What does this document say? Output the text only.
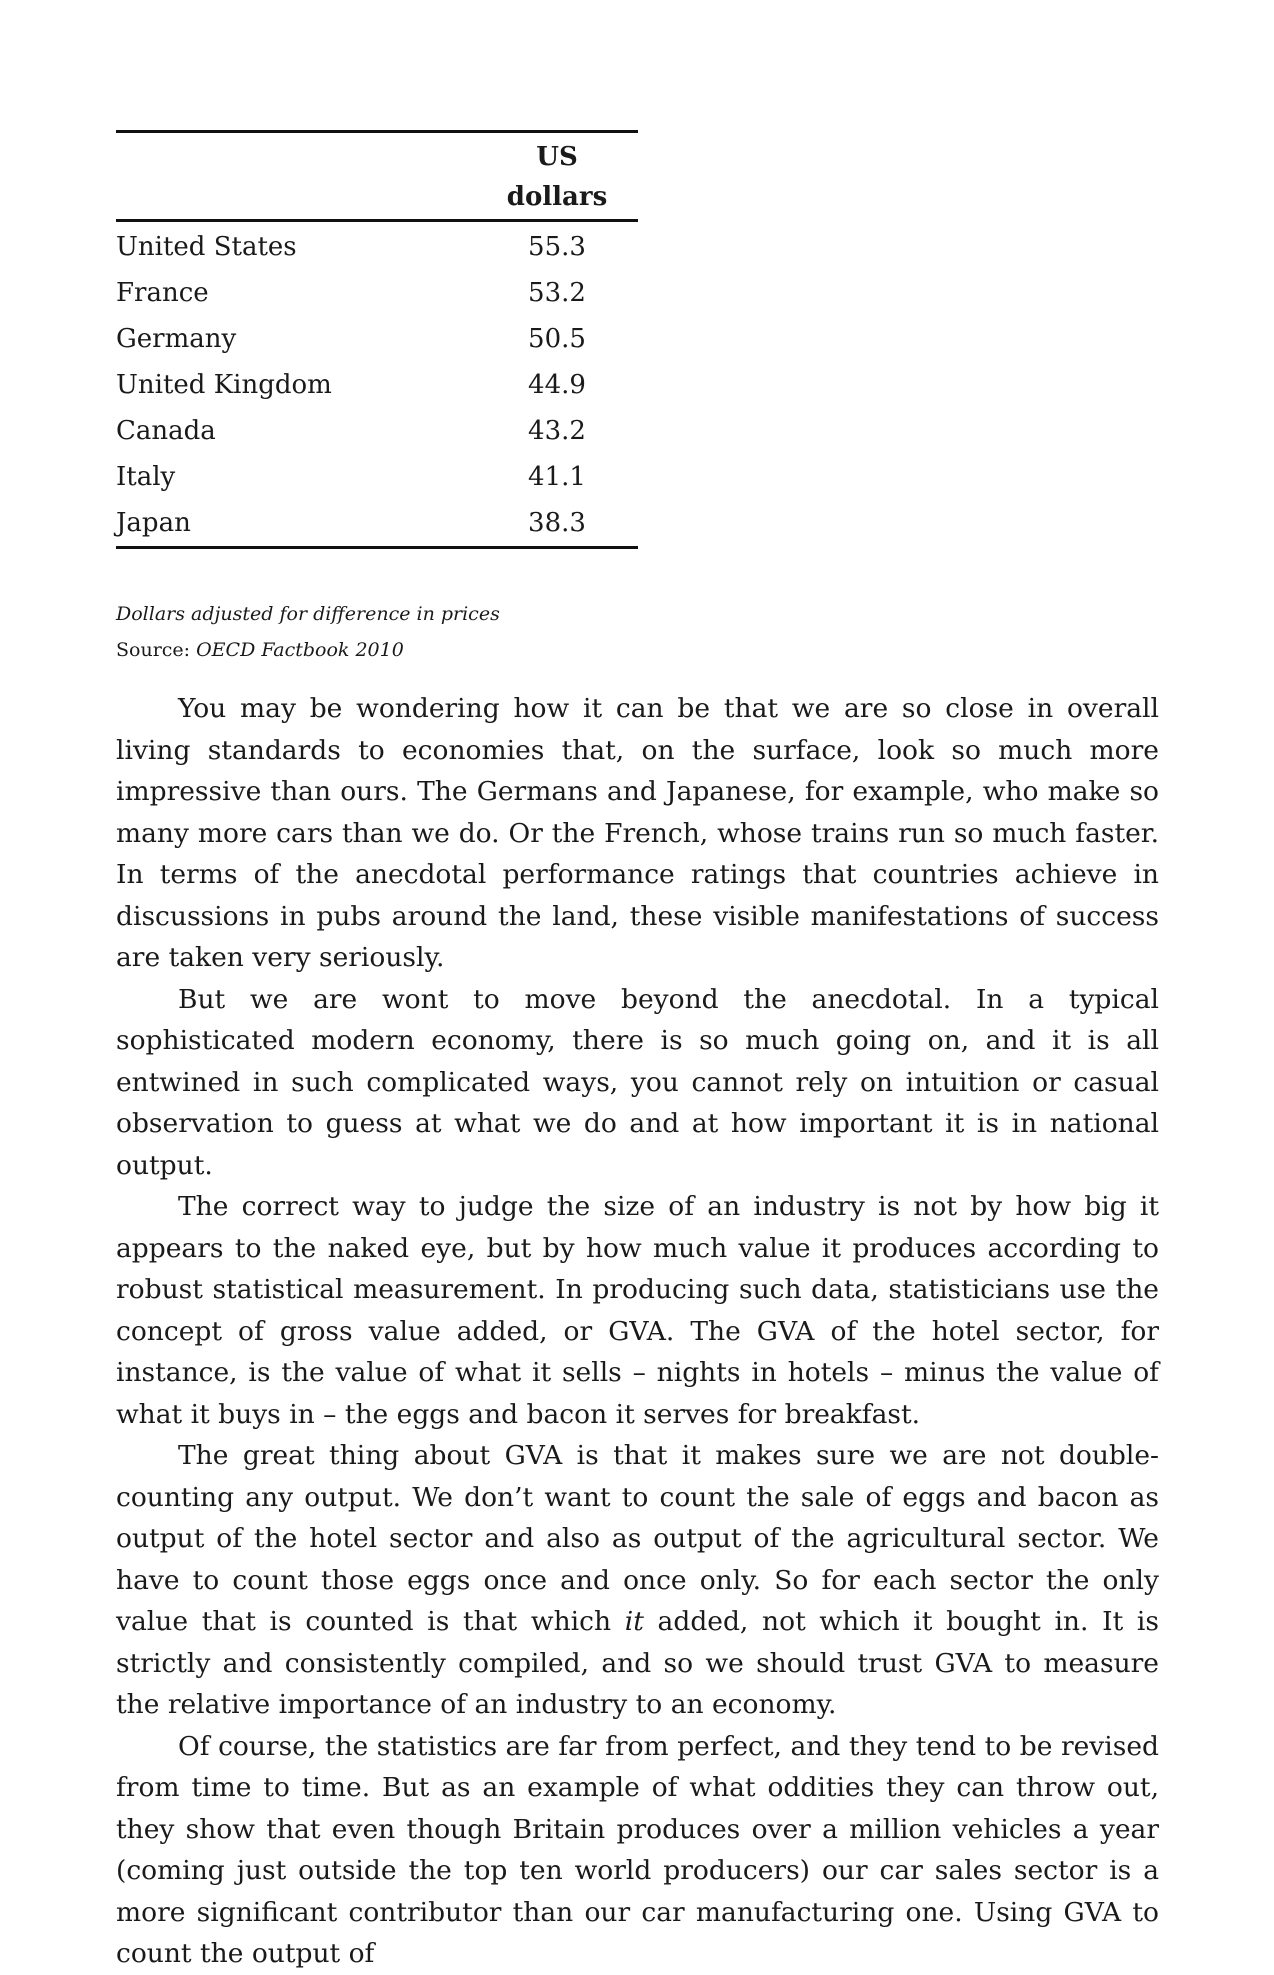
	US
dollars
United States	55.3
France	53.2
Germany	50.5
United Kingdom	44.9
Canada	43.2
Italy	41.1
Japan	38.3
Dollars adjusted for difference in prices
Source: OECD Factbook 2010

You may be wondering how it can be that we are so close in overall living standards to economies that, on the surface, look so much more impressive than ours. The Germans and Japanese, for example, who make so many more cars than we do. Or the French, whose trains run so much faster. In terms of the anecdotal performance ratings that countries achieve in discussions in pubs around the land, these visible manifestations of success are taken very seriously.

But we are wont to move beyond the anecdotal. In a typical sophisticated modern economy, there is so much going on, and it is all entwined in such complicated ways, you cannot rely on intuition or casual observation to guess at what we do and at how important it is in national output.

The correct way to judge the size of an industry is not by how big it appears to the naked eye, but by how much value it produces according to robust statistical measurement. In producing such data, statisticians use the concept of gross value added, or GVA. The GVA of the hotel sector, for instance, is the value of what it sells – nights in hotels – minus the value of what it buys in – the eggs and bacon it serves for breakfast.

The great thing about GVA is that it makes sure we are not double-counting any output. We don’t want to count the sale of eggs and bacon as output of the hotel sector and also as output of the agricultural sector. We have to count those eggs once and once only. So for each sector the only value that is counted is that which it added, not which it bought in. It is strictly and consistently compiled, and so we should trust GVA to measure the relative importance of an industry to an economy.

Of course, the statistics are far from perfect, and they tend to be revised from time to time. But as an example of what oddities they can throw out, they show that even though Britain produces over a million vehicles a year (coming just outside the top ten world producers) our car sales sector is a more significant contributor than our car manufacturing one. Using GVA to count the output of
